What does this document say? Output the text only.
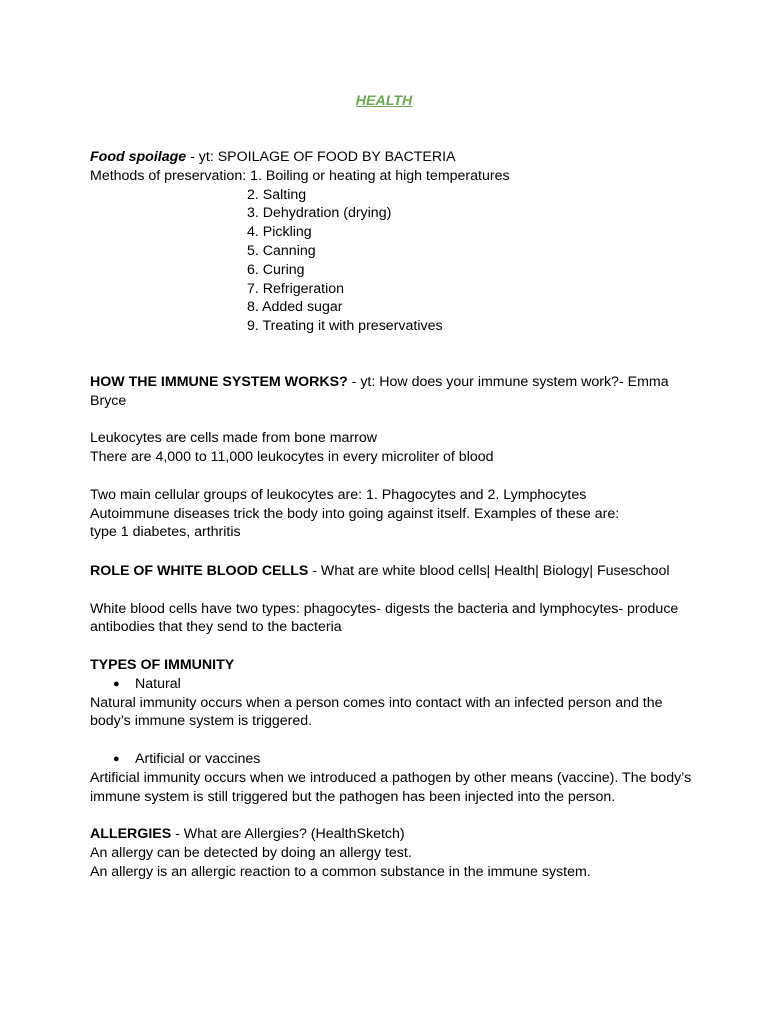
HEALTH
Food spoilage - yt: SPOILAGE OF FOOD BY BACTERIA
Methods of preservation: 1. Boiling or heating at high temperatures
2. Salting
3. Dehydration (drying)
4. Pickling
5. Canning
6. Curing
7. Refrigeration
8. Added sugar
9. Treating it with preservatives
HOW THE IMMUNE SYSTEM WORKS? - yt: How does your immune system work?- Emma
Bryce
Leukocytes are cells made from bone marrow
There are 4,000 to 11,000 leukocytes in every microliter of blood
Two main cellular groups of leukocytes are: 1. Phagocytes and 2. Lymphocytes
Autoimmune diseases trick the body into going against itself. Examples of these are:
type 1 diabetes, arthritis
ROLE OF WHITE BLOOD CELLS - What are white blood cells| Health| Biology| Fuseschool
White blood cells have two types: phagocytes- digests the bacteria and lymphocytes- produce
antibodies that they send to the bacteria
TYPES OF IMMUNITY
● Natural
Natural immunity occurs when a person comes into contact with an infected person and the
body’s immune system is triggered.
● Artificial or vaccines
Artificial immunity occurs when we introduced a pathogen by other means (vaccine). The body’s
immune system is still triggered but the pathogen has been injected into the person.
ALLERGIES - What are Allergies? (HealthSketch)
An allergy can be detected by doing an allergy test.
An allergy is an allergic reaction to a common substance in the immune system.
